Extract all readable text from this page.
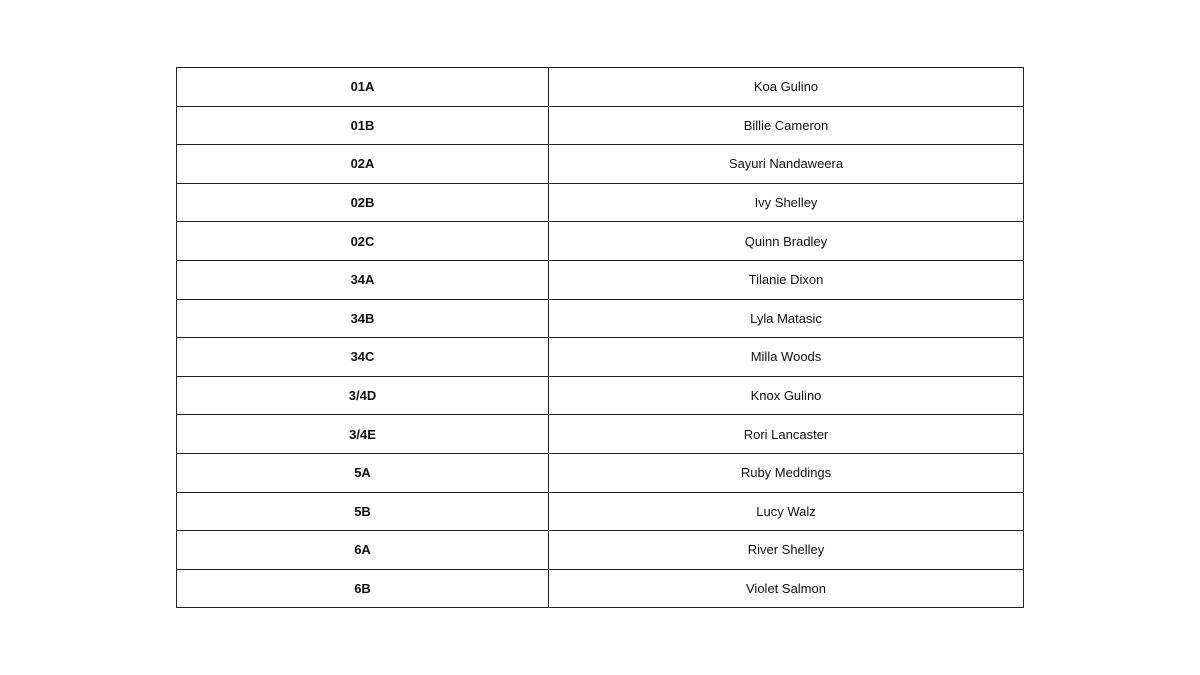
01A	Koa Gulino
01B	Billie Cameron
02A	Sayuri Nandaweera
02B	Ivy Shelley
02C	Quinn Bradley
34A	Tilanie Dixon
34B	Lyla Matasic
34C	Milla Woods
3/4D	Knox Gulino
3/4E	Rori Lancaster
5A	Ruby Meddings
5B	Lucy Walz
6A	River Shelley
6B	Violet Salmon
